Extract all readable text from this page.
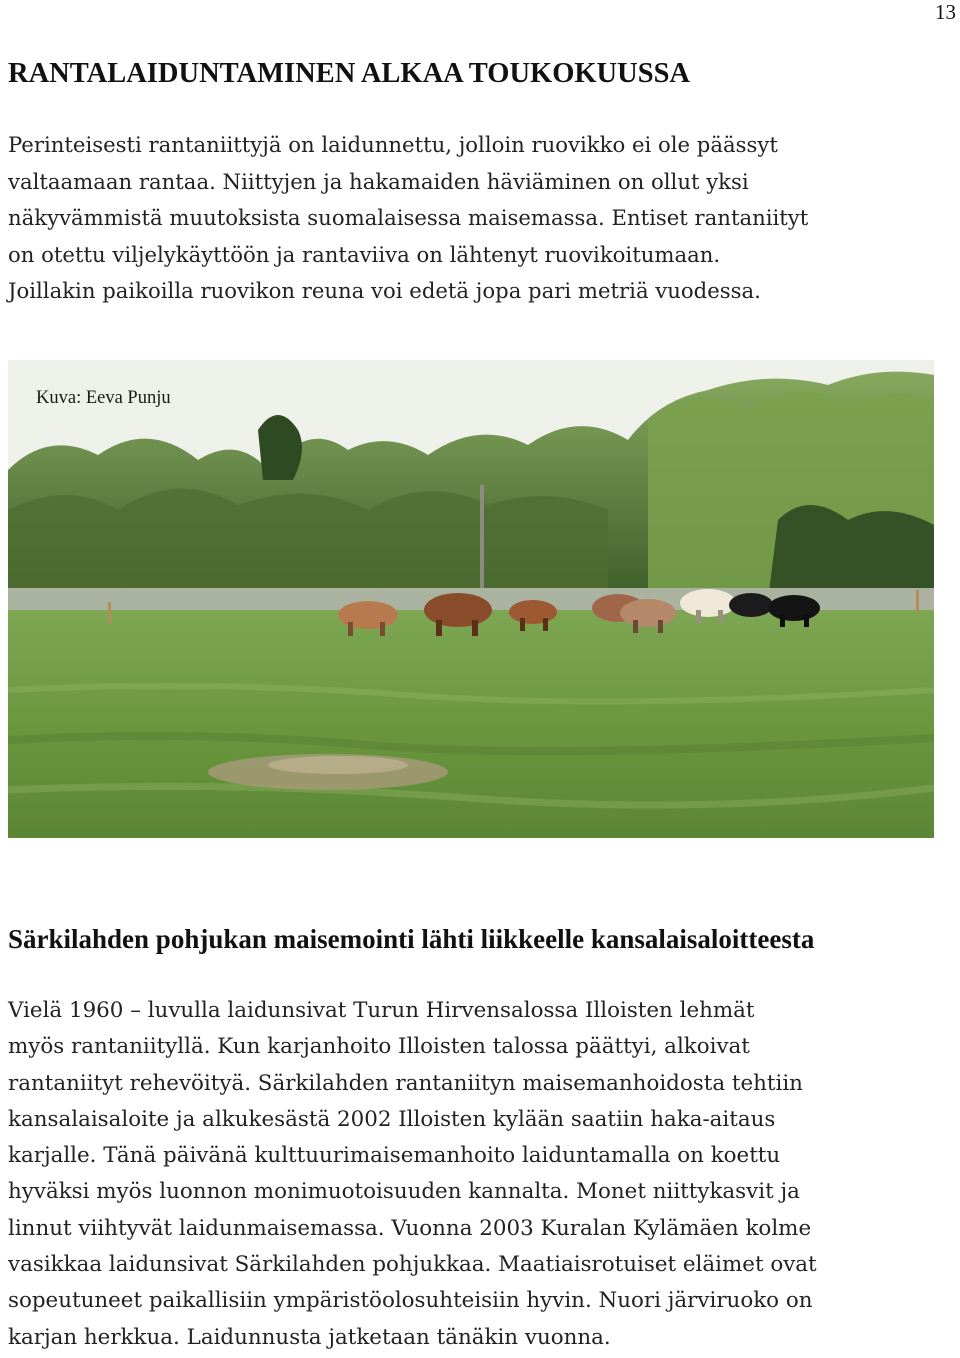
13
RANTALAIDUNTAMINEN ALKAA TOUKOKUUSSA

Perinteisesti rantaniittyjä on laidunnettu, jolloin ruovikko ei ole päässyt
valtaamaan rantaa. Niittyjen ja hakamaiden häviäminen on ollut yksi
näkyvämmistä muutoksista suomalaisessa maisemassa. Entiset rantaniityt
on otettu viljelykäyttöön ja rantaviiva on lähtenyt ruovikoitumaan.
Joillakin paikoilla ruovikon reuna voi edetä jopa pari metriä vuodessa.

Kuva: Eeva Punju
Särkilahden pohjukan maisemointi lähti liikkeelle kansalaisaloitteesta

Vielä 1960 – luvulla laidunsivat Turun Hirvensalossa Illoisten lehmät
myös rantaniityllä. Kun karjanhoito Illoisten talossa päättyi, alkoivat
rantaniityt rehevöityä. Särkilahden rantaniityn maisemanhoidosta tehtiin
kansalaisaloite ja alkukesästä 2002 Illoisten kylään saatiin haka-aitaus
karjalle. Tänä päivänä kulttuurimaisemanhoito laiduntamalla on koettu
hyväksi myös luonnon monimuotoisuuden kannalta. Monet niittykasvit ja
linnut viihtyvät laidunmaisemassa. Vuonna 2003 Kuralan Kylämäen kolme
vasikkaa laidunsivat Särkilahden pohjukkaa. Maatiaisrotuiset eläimet ovat
sopeutuneet paikallisiin ympäristöolosuhteisiin hyvin. Nuori järviruoko on
karjan herkkua. Laidunnusta jatketaan tänäkin vuonna.
